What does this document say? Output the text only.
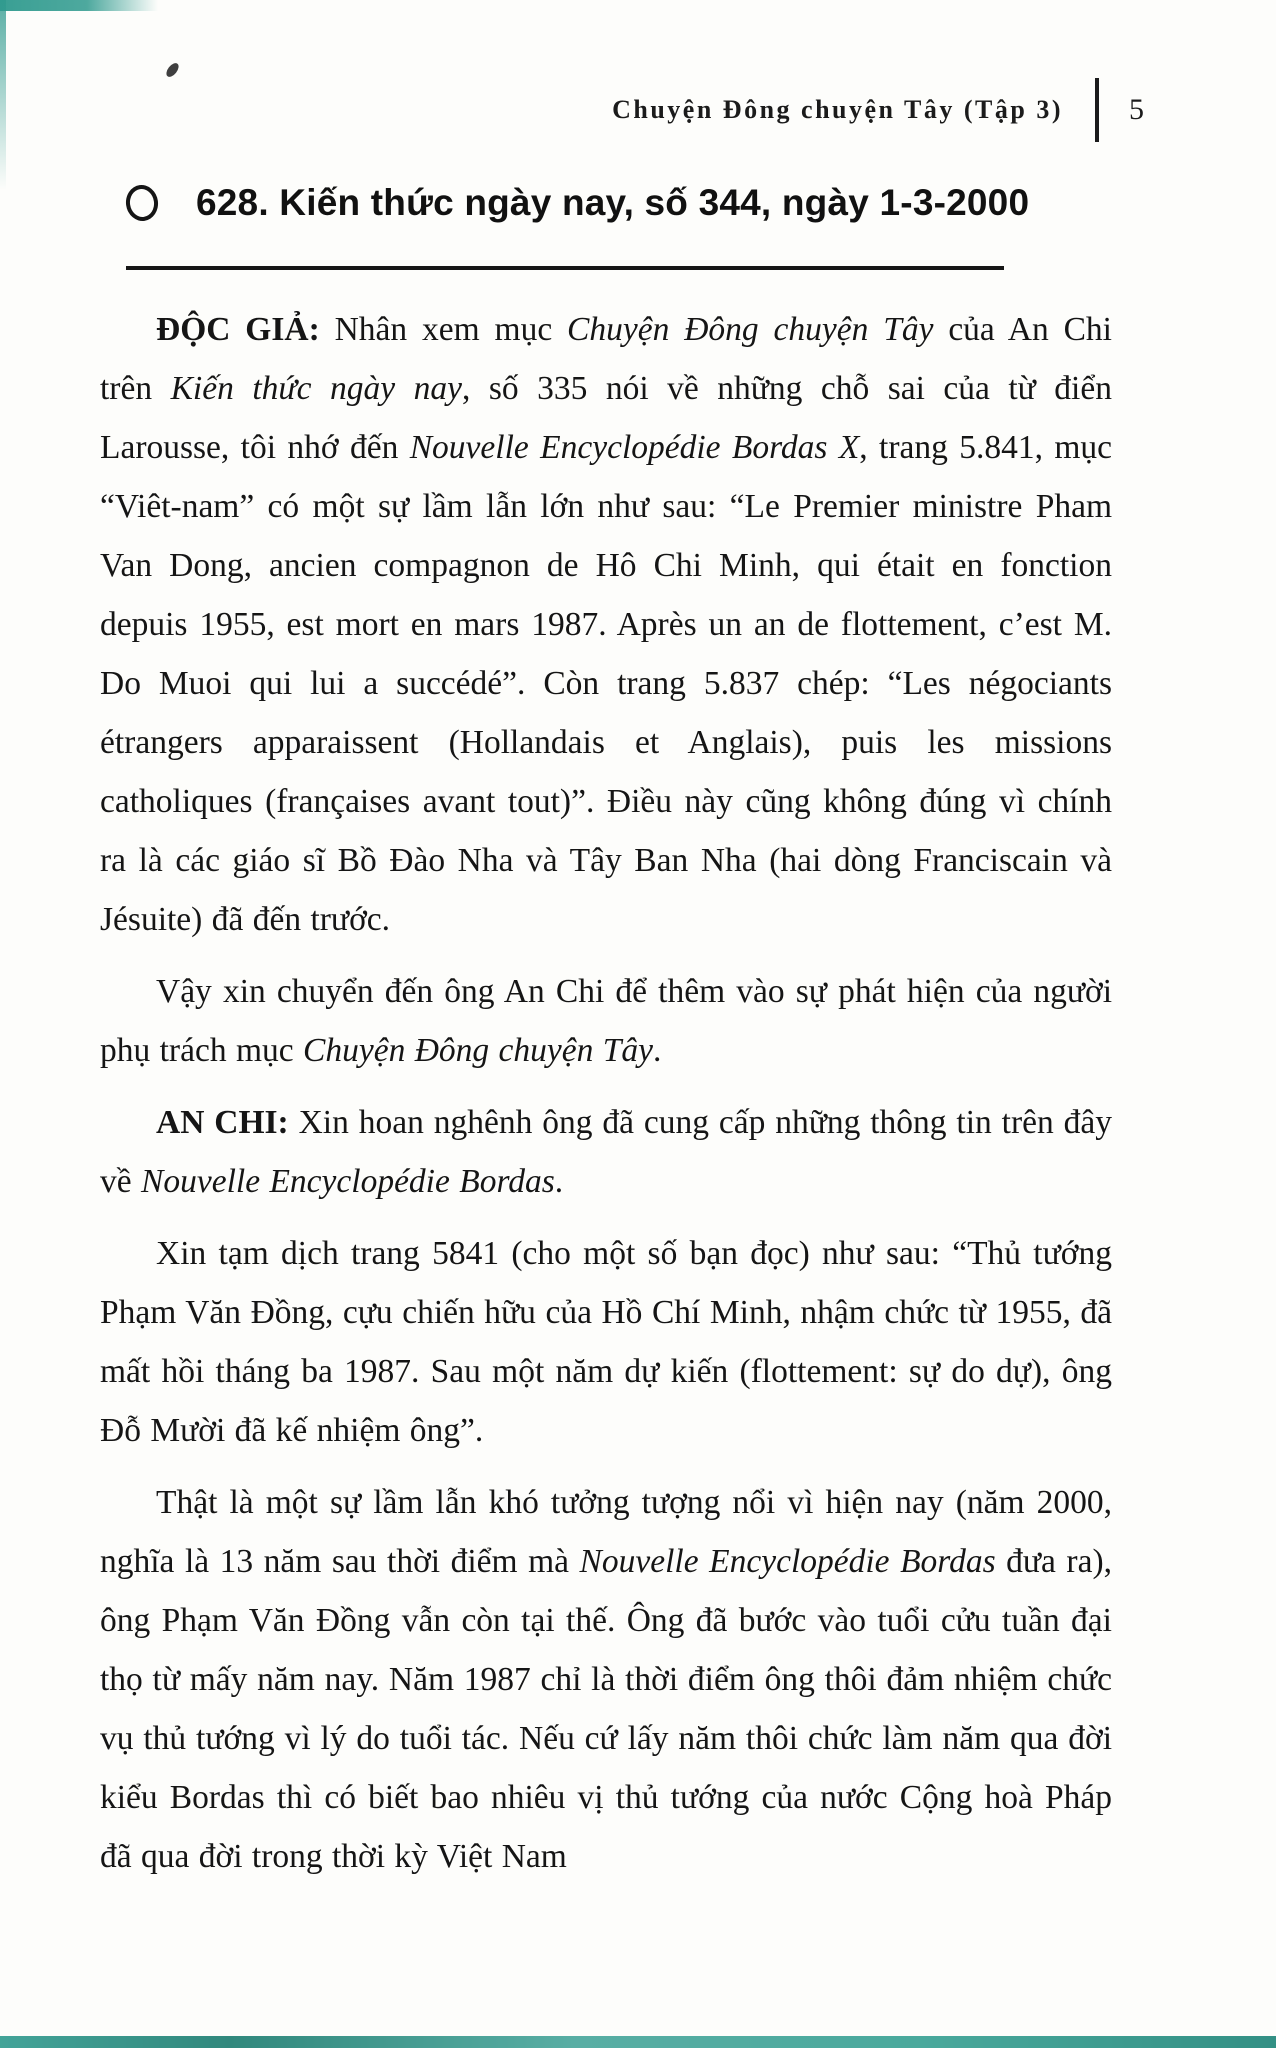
Chuyện Đông chuyện Tây (Tập 3) 5
628. Kiến thức ngày nay, số 344, ngày 1-3-2000

ĐỘC GIẢ: Nhân xem mục Chuyện Đông chuyện Tây của An Chi trên Kiến thức ngày nay, số 335 nói về những chỗ sai của từ điển Larousse, tôi nhớ đến Nouvelle Encyclopédie Bordas X, trang 5.841, mục “Viêt-nam” có một sự lầm lẫn lớn như sau: “Le Premier ministre Pham Van Dong, ancien compagnon de Hô Chi Minh, qui était en fonction depuis 1955, est mort en mars 1987. Après un an de flottement, c’est M. Do Muoi qui lui a succédé”. Còn trang 5.837 chép: “Les négociants étrangers apparaissent (Hollandais et Anglais), puis les missions catholiques (françaises avant tout)”. Điều này cũng không đúng vì chính ra là các giáo sĩ Bồ Đào Nha và Tây Ban Nha (hai dòng Franciscain và Jésuite) đã đến trước.

Vậy xin chuyển đến ông An Chi để thêm vào sự phát hiện của người phụ trách mục Chuyện Đông chuyện Tây.

AN CHI: Xin hoan nghênh ông đã cung cấp những thông tin trên đây về Nouvelle Encyclopédie Bordas.

Xin tạm dịch trang 5841 (cho một số bạn đọc) như sau: “Thủ tướng Phạm Văn Đồng, cựu chiến hữu của Hồ Chí Minh, nhậm chức từ 1955, đã mất hồi tháng ba 1987. Sau một năm dự kiến (flottement: sự do dự), ông Đỗ Mười đã kế nhiệm ông”.

Thật là một sự lầm lẫn khó tưởng tượng nổi vì hiện nay (năm 2000, nghĩa là 13 năm sau thời điểm mà Nouvelle Encyclopédie Bordas đưa ra), ông Phạm Văn Đồng vẫn còn tại thế. Ông đã bước vào tuổi cửu tuần đại thọ từ mấy năm nay. Năm 1987 chỉ là thời điểm ông thôi đảm nhiệm chức vụ thủ tướng vì lý do tuổi tác. Nếu cứ lấy năm thôi chức làm năm qua đời kiểu Bordas thì có biết bao nhiêu vị thủ tướng của nước Cộng hoà Pháp đã qua đời trong thời kỳ Việt Nam
